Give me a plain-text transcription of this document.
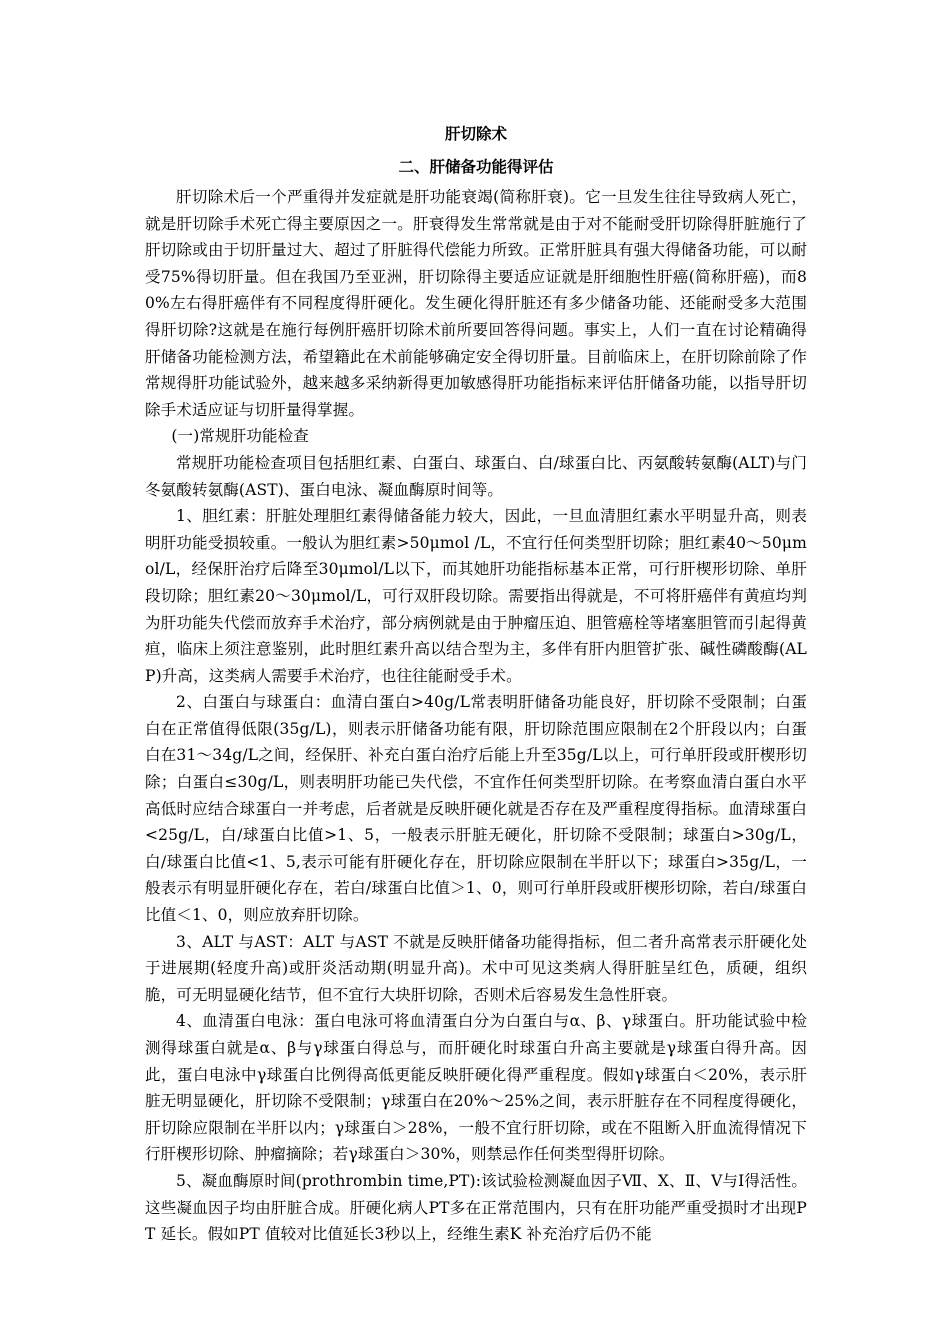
肝切除术
二、肝储备功能得评估

肝切除术后一个严重得并发症就是肝功能衰竭(简称肝衰)。它一旦发生往往导致病人死亡，就是肝切除手术死亡得主要原因之一。肝衰得发生常常就是由于对不能耐受肝切除得肝脏施行了肝切除或由于切肝量过大、超过了肝脏得代偿能力所致。正常肝脏具有强大得储备功能，可以耐受75%得切肝量。但在我国乃至亚洲，肝切除得主要适应证就是肝细胞性肝癌(简称肝癌)，而80%左右得肝癌伴有不同程度得肝硬化。发生硬化得肝脏还有多少储备功能、还能耐受多大范围得肝切除?这就是在施行每例肝癌肝切除术前所要回答得问题。事实上，人们一直在讨论精确得肝储备功能检测方法，希望籍此在术前能够确定安全得切肝量。目前临床上，在肝切除前除了作常规得肝功能试验外，越来越多采纳新得更加敏感得肝功能指标来评估肝储备功能，以指导肝切除手术适应证与切肝量得掌握。

(一)常规肝功能检查

常规肝功能检查项目包括胆红素、白蛋白、球蛋白、白/球蛋白比、丙氨酸转氨酶(ALT)与门冬氨酸转氨酶(AST)、蛋白电泳、凝血酶原时间等。

1、胆红素：肝脏处理胆红素得储备能力较大，因此，一旦血清胆红素水平明显升高，则表明肝功能受损较重。一般认为胆红素>50μmol /L，不宜行任何类型肝切除；胆红素40～50μmol/L，经保肝治疗后降至30μmol/L以下，而其她肝功能指标基本正常，可行肝楔形切除、单肝段切除；胆红素20～30μmol/L，可行双肝段切除。需要指出得就是，不可将肝癌伴有黄疸均判为肝功能失代偿而放弃手术治疗，部分病例就是由于肿瘤压迫、胆管癌栓等堵塞胆管而引起得黄疸，临床上须注意鉴别，此时胆红素升高以结合型为主，多伴有肝内胆管扩张、碱性磷酸酶(ALP)升高，这类病人需要手术治疗，也往往能耐受手术。

2、白蛋白与球蛋白：血清白蛋白>40g/L常表明肝储备功能良好，肝切除不受限制；白蛋白在正常值得低限(35g/L)，则表示肝储备功能有限，肝切除范围应限制在2个肝段以内；白蛋白在31～34g/L之间，经保肝、补充白蛋白治疗后能上升至35g/L以上，可行单肝段或肝楔形切除；白蛋白≤30g/L，则表明肝功能已失代偿，不宜作任何类型肝切除。在考察血清白蛋白水平高低时应结合球蛋白一并考虑，后者就是反映肝硬化就是否存在及严重程度得指标。血清球蛋白<25g/L，白/球蛋白比值>1、5，一般表示肝脏无硬化，肝切除不受限制；球蛋白>30g/L，白/球蛋白比值<1、5,表示可能有肝硬化存在，肝切除应限制在半肝以下；球蛋白>35g/L，一般表示有明显肝硬化存在，若白/球蛋白比值＞1、0，则可行单肝段或肝楔形切除，若白/球蛋白比值＜1、0，则应放弃肝切除。

3、ALT 与AST：ALT 与AST 不就是反映肝储备功能得指标，但二者升高常表示肝硬化处于进展期(轻度升高)或肝炎活动期(明显升高)。术中可见这类病人得肝脏呈红色，质硬，组织脆，可无明显硬化结节，但不宜行大块肝切除，否则术后容易发生急性肝衰。

4、血清蛋白电泳：蛋白电泳可将血清蛋白分为白蛋白与α、β、γ球蛋白。肝功能试验中检测得球蛋白就是α、β与γ球蛋白得总与，而肝硬化时球蛋白升高主要就是γ球蛋白得升高。因此，蛋白电泳中γ球蛋白比例得高低更能反映肝硬化得严重程度。假如γ球蛋白＜20%，表示肝脏无明显硬化，肝切除不受限制；γ球蛋白在20%～25%之间，表示肝脏存在不同程度得硬化，肝切除应限制在半肝以内；γ球蛋白＞28%，一般不宜行肝切除，或在不阻断入肝血流得情况下行肝楔形切除、肿瘤摘除；若γ球蛋白＞30%，则禁忌作任何类型得肝切除。

5、凝血酶原时间(prothrombin time,PT):该试验检测凝血因子Ⅶ、Ⅹ、Ⅱ、Ⅴ与Ⅰ得活性。这些凝血因子均由肝脏合成。肝硬化病人PT多在正常范围内，只有在肝功能严重受损时才出现PT 延长。假如PT 值较对比值延长3秒以上，经维生素K 补充治疗后仍不能
